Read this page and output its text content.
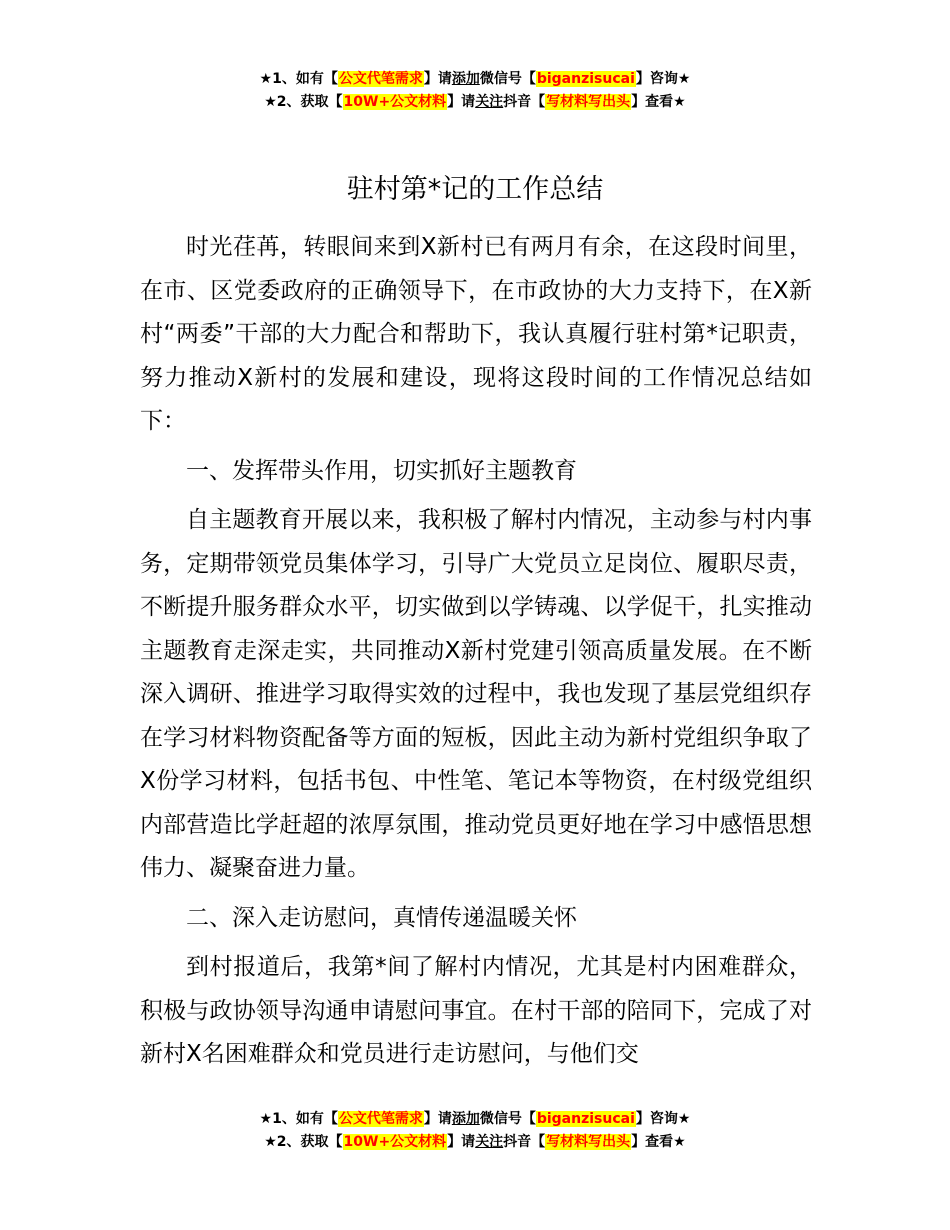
★1、如有【公文代笔需求】请添加微信号【biganzisucai】咨询★
★2、获取【10W+公文材料】请关注抖音【写材料写出头】查看★
驻村第*记的工作总结

时光荏苒，转眼间来到X新村已有两月有余，在这段时间里，在市、区党委政府的正确领导下，在市政协的大力支持下，在X新村“两委”干部的大力配合和帮助下，我认真履行驻村第*记职责，努力推动X新村的发展和建设，现将这段时间的工作情况总结如下：

一、发挥带头作用，切实抓好主题教育

自主题教育开展以来，我积极了解村内情况，主动参与村内事务，定期带领党员集体学习，引导广大党员立足岗位、履职尽责，不断提升服务群众水平，切实做到以学铸魂、以学促干，扎实推动主题教育走深走实，共同推动X新村党建引领高质量发展。在不断深入调研、推进学习取得实效的过程中，我也发现了基层党组织存在学习材料物资配备等方面的短板，因此主动为新村党组织争取了X份学习材料，包括书包、中性笔、笔记本等物资，在村级党组织内部营造比学赶超的浓厚氛围，推动党员更好地在学习中感悟思想伟力、凝聚奋进力量。

二、深入走访慰问，真情传递温暖关怀

到村报道后，我第*间了解村内情况，尤其是村内困难群众，积极与政协领导沟通申请慰问事宜。在村干部的陪同下，完成了对新村X名困难群众和党员进行走访慰问，与他们交

★1、如有【公文代笔需求】请添加微信号【biganzisucai】咨询★
★2、获取【10W+公文材料】请关注抖音【写材料写出头】查看★
